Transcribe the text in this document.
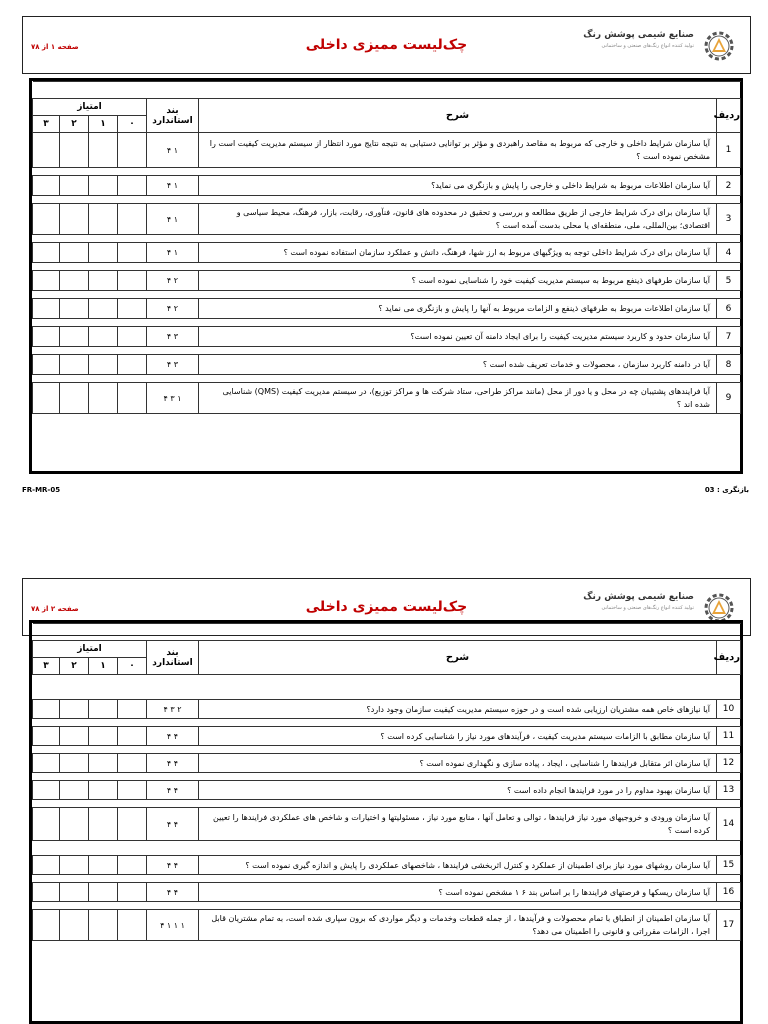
صفحه ۱ از ۷۸	چک‌لیست ممیزی داخلی
صنایع شیمی پوشش رنگ
تولید کننده انواع رنگ‌های صنعتی و ساختمانی

ردیف	شرح	بند استاندارد	امتیاز			
			۰	۱	۲	۳
1	آیا سازمان شرایط داخلی و خارجی که مربوط به مقاصد راهبردی و مؤثر بر توانایی دستیابی به نتیجه نتایج مورد انتظار از سیستم مدیریت کیفیت است را مشخص نموده است ؟	۱ ۴				

2	آیا سازمان اطلاعات مربوط به شرایط داخلی و خارجی را پایش و بازنگری می نماید؟	۱ ۴				

3	آیا سازمان برای درک شرایط خارجی از طریق مطالعه و بررسی و تحقیق در محدوده های قانون، فنآوری، رقابت، بازار، فرهنگ، محیط سیاسی و اقتصادی؛ بین‌المللی، ملی، منطقه‌ای یا محلی بدست آمده است ؟	۱ ۴				

4	آیا سازمان برای درک شرایط داخلی توجه به ویژگیهای مربوط به ارز شها، فرهنگ، دانش و عملکرد سازمان استفاده نموده است ؟	۱ ۴				

5	آیا سازمان طرفهای ذینفع مربوط به سیستم مدیریت کیفیت خود را شناسایی نموده است ؟	۲ ۴				

6	آیا سازمان اطلاعات مربوط به طرفهای ذینفع و الزامات مربوط به آنها را پایش و بازنگری می نماید ؟	۲ ۴				

7	آیا سازمان حدود و کاربرد سیستم مدیریت کیفیت را برای ایجاد دامنه آن تعیین نموده است؟	۳ ۴				

8	آیا در دامنه کاربرد سازمان ، محصولات و خدمات تعریف شده است ؟	۳ ۴				

9	آیا فرایندهای پشتیبان چه در محل و یا دور از محل (مانند مراکز طراحی، ستاد شرکت ها و مراکز توزیع)، در سیستم مدیریت کیفیت (QMS) شناسایی شده اند ؟	۱ ۳ ۴				
FR-MR-05	بازنگری : 03
صفحه ۲ از ۷۸	چک‌لیست ممیزی داخلی
صنایع شیمی پوشش رنگ
تولید کننده انواع رنگ‌های صنعتی و ساختمانی

ردیف	شرح	بند استاندارد	امتیاز			
			۰	۱	۲	۳

10	آیا نیازهای خاص همه مشتریان ارزیابی شده است و در حوزه سیستم مدیریت کیفیت سازمان وجود دارد؟	۲ ۳ ۴				

11	آیا سازمان مطابق با الزامات سیستم مدیریت کیفیت ، فرآیندهای مورد نیاز را شناسایی کرده است ؟	۴ ۴				

12	آیا سازمان اثر متقابل فرایندها را شناسایی ، ایجاد ، پیاده سازی و نگهداری نموده است ؟	۴ ۴				

13	آیا سازمان بهبود مداوم را در مورد فرایندها انجام داده است ؟	۴ ۴				

14	آیا سازمان ورودی و خروجیهای مورد نیاز فرایندها ، توالی و تعامل آنها ، منابع مورد نیاز ، مسئولیتها و اختیارات و شاخص های عملکردی فرایندها را تعیین کرده است ؟	۴ ۴				

15	آیا سازمان روشهای مورد نیاز برای اطمینان از عملکرد و کنترل اثربخشی فرایندها ، شاخصهای عملکردی را پایش و اندازه گیری نموده است ؟	۴ ۴				

16	آیا سازمان ریسکها و فرصتهای فرایندها را بر اساس بند ۶ ۱ مشخص نموده است ؟	۴ ۴				

17	آیا سازمان اطمینان از انطباق با تمام محصولات و فرآیندها ، از جمله قطعات وخدمات و دیگر مواردی که برون سپاری شده است، به تمام مشتریان قابل اجرا ، الزامات مقرراتی و قانونی را اطمینان می دهد؟	۱ ۱ ۱ ۴				
